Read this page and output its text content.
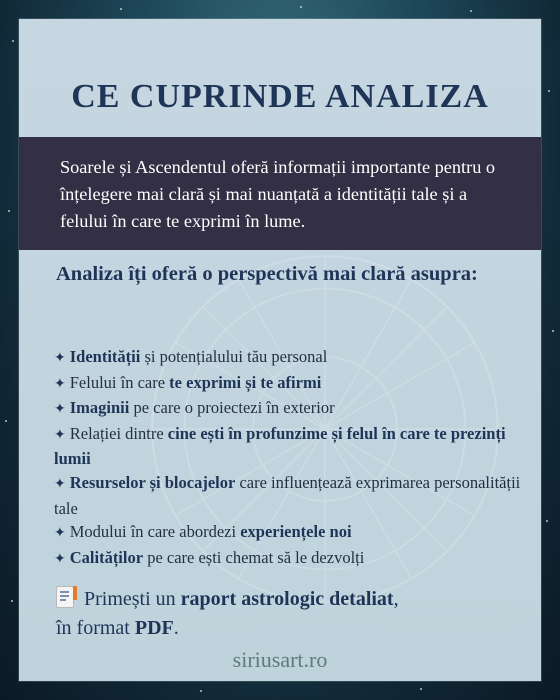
CE CUPRINDE ANALIZA
Soarele și Ascendentul oferă informații importante pentru o înțelegere mai clară și mai nuanțată a identității tale și a felului în care te exprimi în lume.
Analiza îți oferă o perspectivă mai clară asupra:
✦ Identității și potențialului tău personal
✦ Felului în care te exprimi și te afirmi
✦ Imaginii pe care o proiectezi în exterior
✦ Relației dintre cine ești în profunzime și felul în care te prezinți lumii
✦ Resurselor și blocajelor care influențează exprimarea personalității tale
✦ Modului în care abordezi experiențele noi
✦ Calităților pe care ești chemat să le dezvolți
Primești un raport astrologic detaliat,
în format PDF.
siriusart.ro
